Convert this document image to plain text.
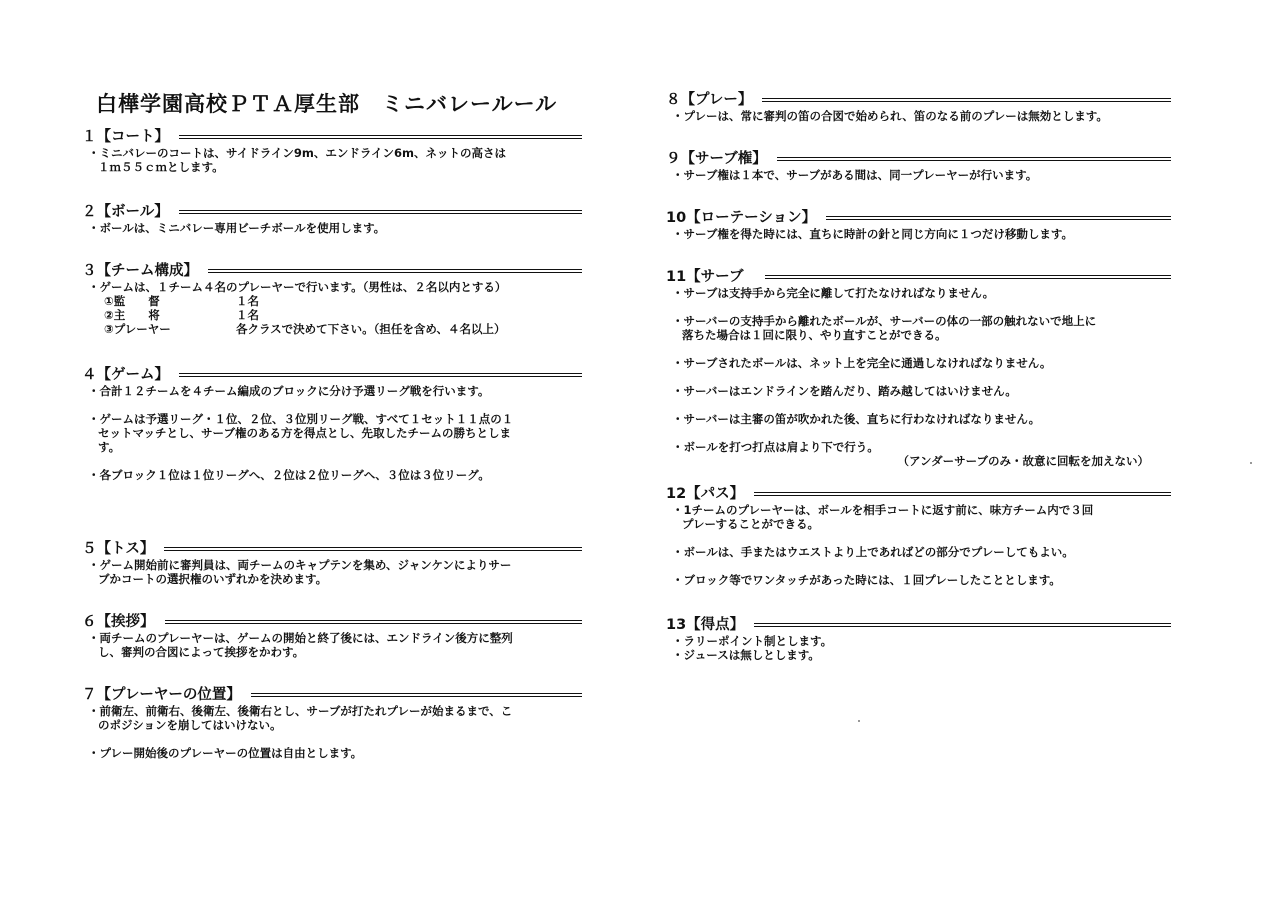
白樺学園高校ＰＴＡ厚生部　ミニバレールール
１【コート】

・ミニバレーのコートは、サイドライン9m、エンドライン6m、ネットの高さは
１ｍ５５ｃｍとします。

２【ボール】

・ボールは、ミニバレー専用ビーチボールを使用します。

３【チーム構成】

・ゲームは、１チーム４名のプレーヤーで行います。（男性は、２名以内とする）

①監　　督	１名
②主　　将	１名
③プレーヤー	各クラスで決めて下さい。（担任を含め、４名以上）
４【ゲーム】

・合計１２チームを４チーム編成のブロックに分け予選リーグ戦を行います。

・ゲームは予選リーグ・１位、２位、３位別リーグ戦、すべて１セット１１点の１
セットマッチとし、サーブ権のある方を得点とし、先取したチームの勝ちとしま
す。

・各ブロック１位は１位リーグへ、２位は２位リーグへ、３位は３位リーグ。

５【トス】

・ゲーム開始前に審判員は、両チームのキャプテンを集め、ジャンケンによりサー
ブかコートの選択権のいずれかを決めます。

６【挨拶】

・両チームのプレーヤーは、ゲームの開始と終了後には、エンドライン後方に整列
し、審判の合図によって挨拶をかわす。

７【プレーヤーの位置】

・前衛左、前衛右、後衛左、後衛右とし、サーブが打たれプレーが始まるまで、こ
のポジションを崩してはいけない。

・プレー開始後のプレーヤーの位置は自由とします。

８【プレー】

・プレーは、常に審判の笛の合図で始められ、笛のなる前のプレーは無効とします。

９【サーブ権】

・サーブ権は１本で、サーブがある間は、同一プレーヤーが行います。

10【ローテーション】

・サーブ権を得た時には、直ちに時計の針と同じ方向に１つだけ移動します。

11【サーブ

・サーブは支持手から完全に離して打たなければなりません。

・サーバーの支持手から離れたボールが、サーバーの体の一部の触れないで地上に
落ちた場合は１回に限り、やり直すことができる。

・サーブされたボールは、ネット上を完全に通過しなければなりません。

・サーバーはエンドラインを踏んだり、踏み越してはいけません。

・サーバーは主審の笛が吹かれた後、直ちに行わなければなりません。

・ボールを打つ打点は肩より下で行う。

（アンダーサーブのみ・故意に回転を加えない）

12【パス】

・1チームのプレーヤーは、ボールを相手コートに返す前に、味方チーム内で３回
プレーすることができる。

・ボールは、手またはウエストより上であればどの部分でプレーしてもよい。

・ブロック等でワンタッチがあった時には、１回プレーしたこととします。

13【得点】

・ラリーポイント制とします。

・ジュースは無しとします。
